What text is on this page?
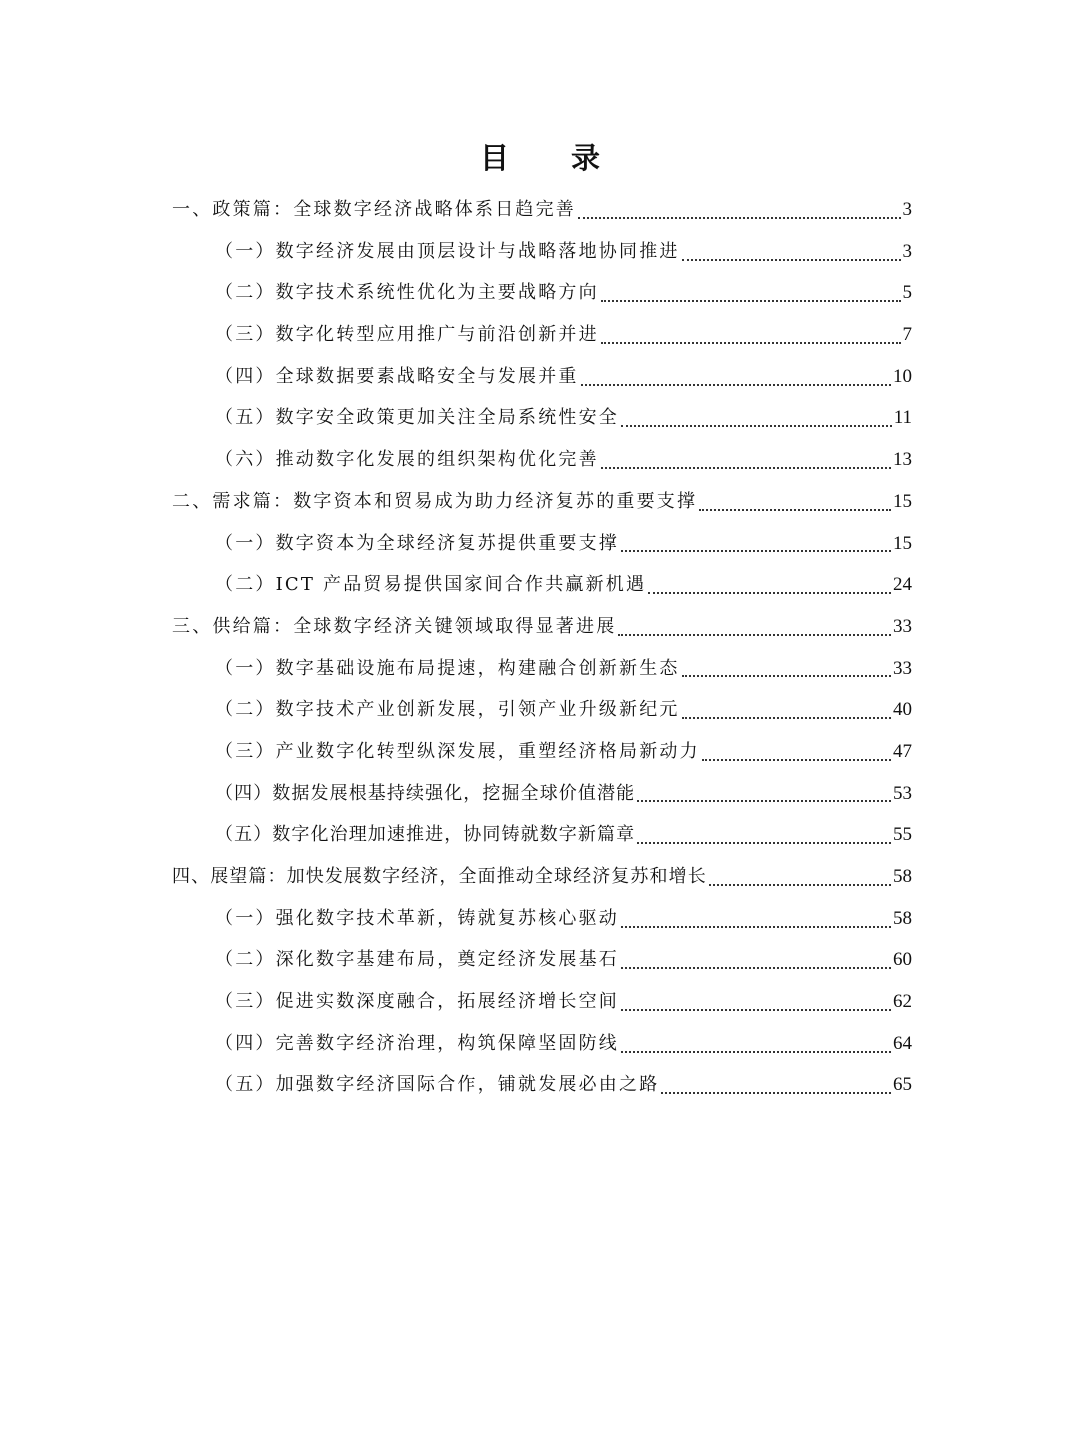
目 录
一、政策篇：全球数字经济战略体系日趋完善	3
（一）数字经济发展由顶层设计与战略落地协同推进	3
（二）数字技术系统性优化为主要战略方向	5
（三）数字化转型应用推广与前沿创新并进	7
（四）全球数据要素战略安全与发展并重	10
（五）数字安全政策更加关注全局系统性安全	11
（六）推动数字化发展的组织架构优化完善	13
二、需求篇：数字资本和贸易成为助力经济复苏的重要支撑	15
（一）数字资本为全球经济复苏提供重要支撑	15
（二）ICT 产品贸易提供国家间合作共赢新机遇	24
三、供给篇：全球数字经济关键领域取得显著进展	33
（一）数字基础设施布局提速，构建融合创新新生态	33
（二）数字技术产业创新发展，引领产业升级新纪元	40
（三）产业数字化转型纵深发展，重塑经济格局新动力	47
（四）数据发展根基持续强化，挖掘全球价值潜能	53
（五）数字化治理加速推进，协同铸就数字新篇章	55
四、展望篇：加快发展数字经济，全面推动全球经济复苏和增长	58
（一）强化数字技术革新，铸就复苏核心驱动	58
（二）深化数字基建布局，奠定经济发展基石	60
（三）促进实数深度融合，拓展经济增长空间	62
（四）完善数字经济治理，构筑保障坚固防线	64
（五）加强数字经济国际合作，铺就发展必由之路	65
